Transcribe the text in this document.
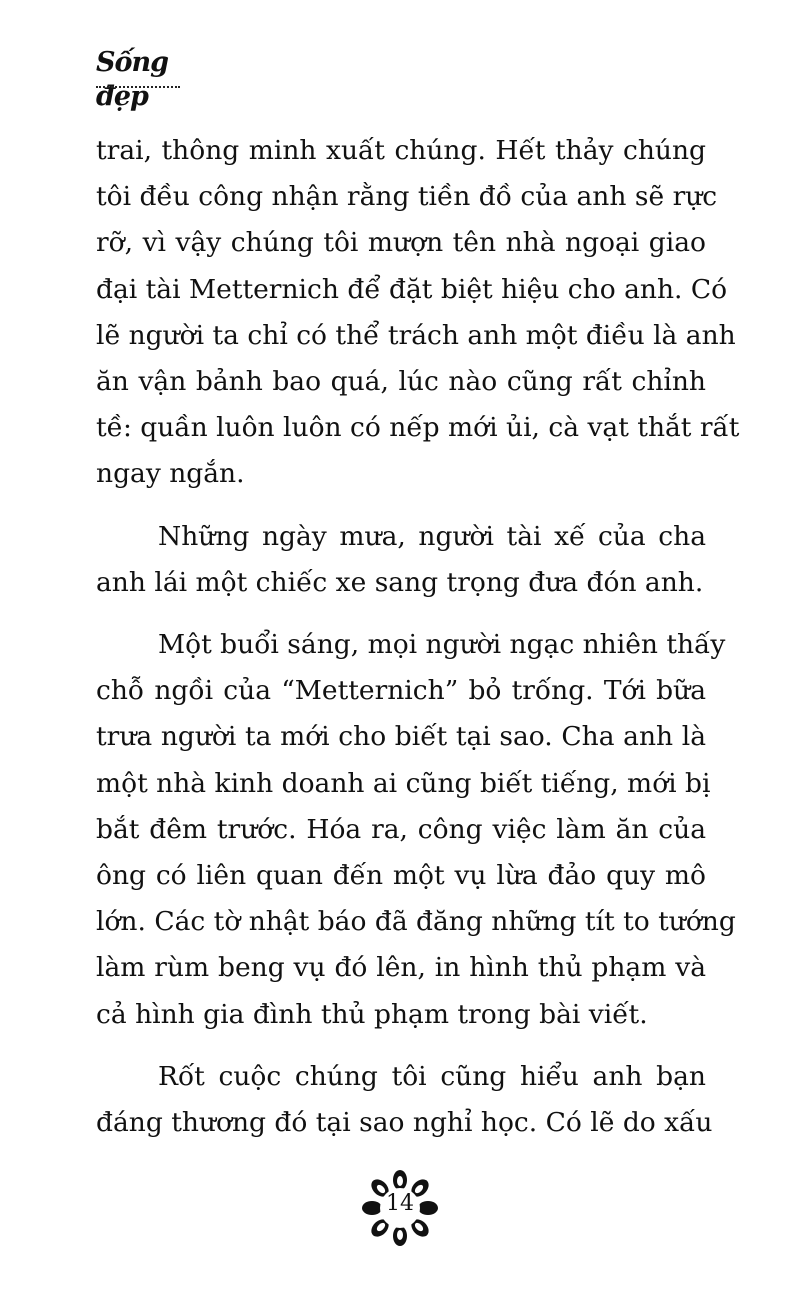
Sống đẹp
trai, thông minh xuất chúng. Hết thảy chúng
tôi đều công nhận rằng tiền đồ của anh sẽ rực
rỡ, vì vậy chúng tôi mượn tên nhà ngoại giao
đại tài Metternich để đặt biệt hiệu cho anh. Có
lẽ người ta chỉ có thể trách anh một điều là anh
ăn vận bảnh bao quá, lúc nào cũng rất chỉnh
tề: quần luôn luôn có nếp mới ủi, cà vạt thắt rất
ngay ngắn.
Những ngày mưa, người tài xế của cha
anh lái một chiếc xe sang trọng đưa đón anh.
Một buổi sáng, mọi người ngạc nhiên thấy
chỗ ngồi của “Metternich” bỏ trống. Tới bữa
trưa người ta mới cho biết tại sao. Cha anh là
một nhà kinh doanh ai cũng biết tiếng, mới bị
bắt đêm trước. Hóa ra, công việc làm ăn của
ông có liên quan đến một vụ lừa đảo quy mô
lớn. Các tờ nhật báo đã đăng những tít to tướng
làm rùm beng vụ đó lên, in hình thủ phạm và
cả hình gia đình thủ phạm trong bài viết.
Rốt cuộc chúng tôi cũng hiểu anh bạn
đáng thương đó tại sao nghỉ học. Có lẽ do xấu
14
